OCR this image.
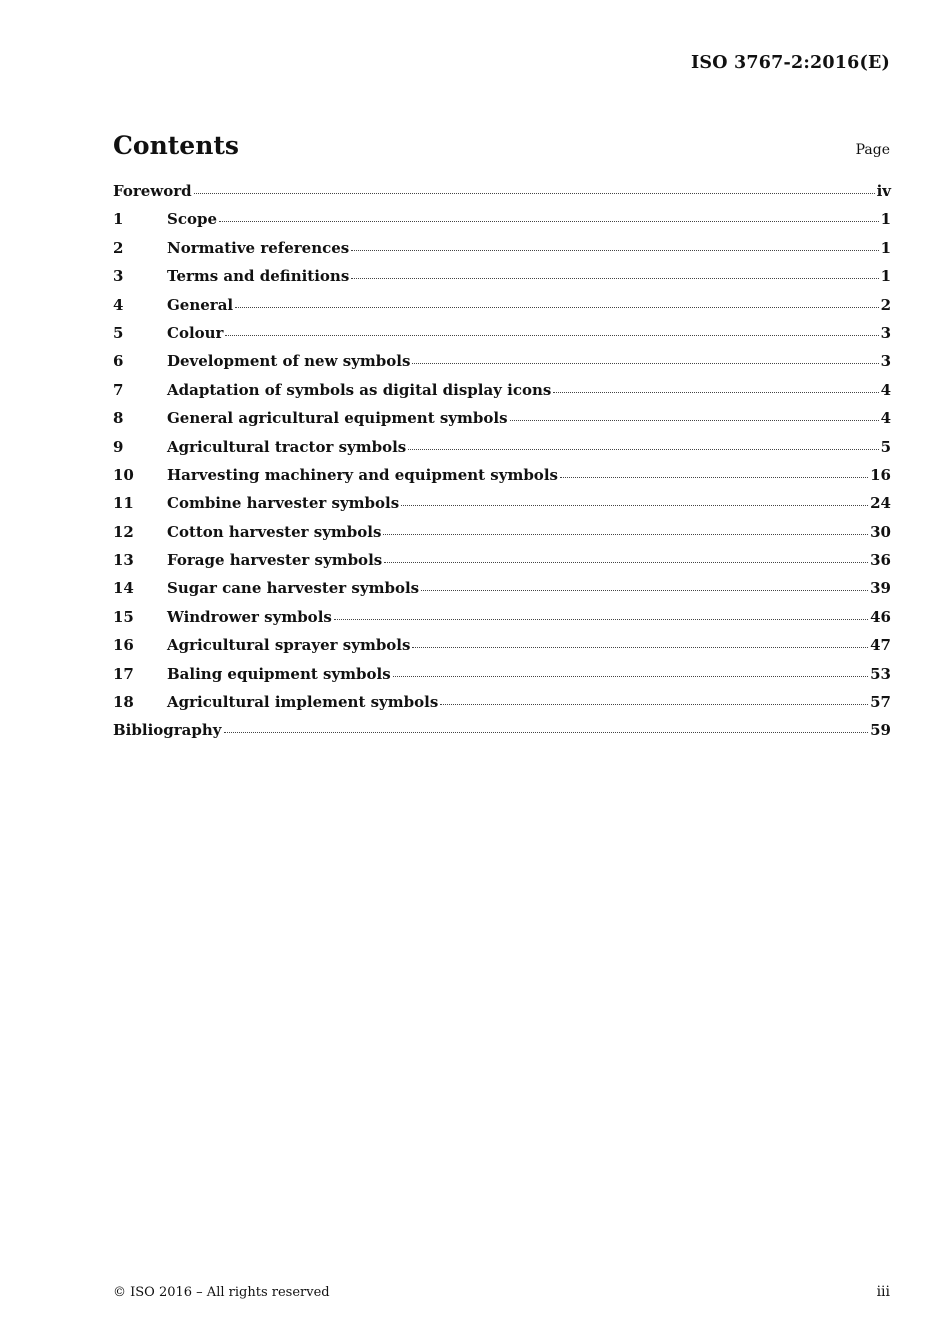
ISO 3767-2:2016(E)
Contents	Page
Foreword	iv
1	Scope	1
2	Normative references	1
3	Terms and definitions	1
4	General	2
5	Colour	3
6	Development of new symbols	3
7	Adaptation of symbols as digital display icons	4
8	General agricultural equipment symbols	4
9	Agricultural tractor symbols	5
10	Harvesting machinery and equipment symbols	16
11	Combine harvester symbols	24
12	Cotton harvester symbols	30
13	Forage harvester symbols	36
14	Sugar cane harvester symbols	39
15	Windrower symbols	46
16	Agricultural sprayer symbols	47
17	Baling equipment symbols	53
18	Agricultural implement symbols	57
Bibliography	59
© ISO 2016 – All rights reserved	iii
